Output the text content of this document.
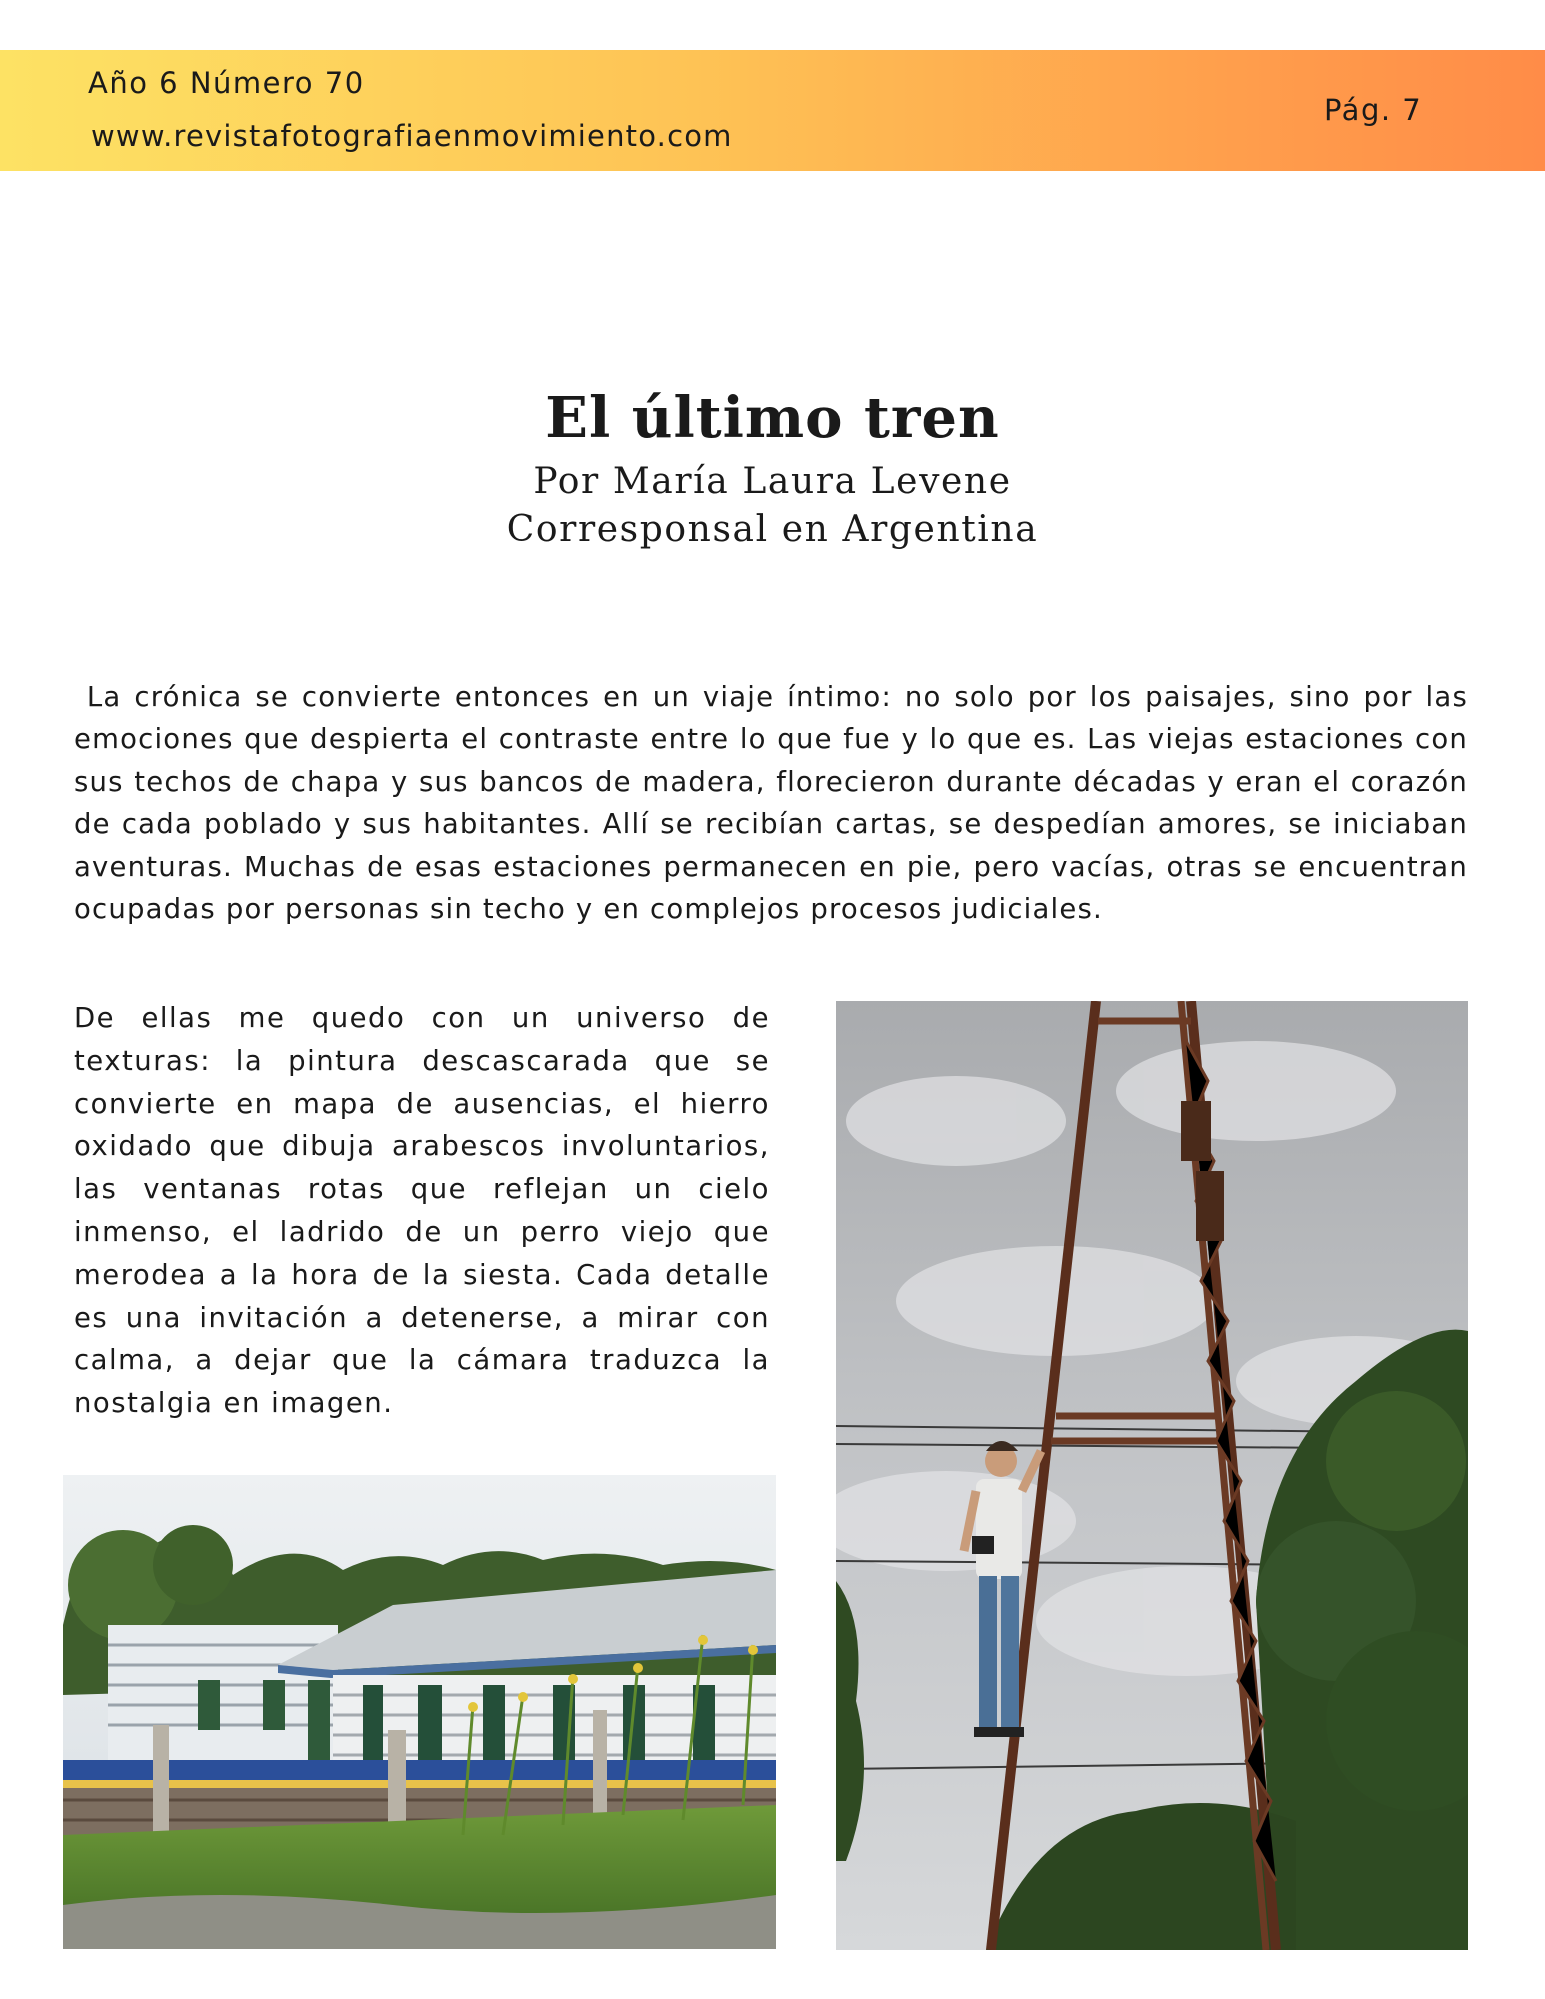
Año 6 Número 70
www.revistafotografiaenmovimiento.com
Pág. 7
El último tren
Por María Laura Levene
Corresponsal en Argentina

La crónica se convierte entonces en un viaje íntimo: no solo por los paisajes, sino por las emociones que despierta el contraste entre lo que fue y lo que es. Las viejas estaciones con sus techos de chapa y sus bancos de madera, florecieron durante décadas y eran el corazón de cada poblado y sus habitantes. Allí se recibían cartas, se despedían amores, se iniciaban aventuras. Muchas de esas estaciones permanecen en pie, pero vacías, otras se encuentran ocupadas por personas sin techo y en complejos procesos judiciales.

De ellas me quedo con un universo de texturas: la pintura descascarada que se convierte en mapa de ausencias, el hierro oxidado que dibuja arabescos involuntarios, las ventanas rotas que reflejan un cielo inmenso, el ladrido de un perro viejo que merodea a la hora de la siesta. Cada detalle es una invitación a detenerse, a mirar con calma, a dejar que la cámara traduzca la nostalgia en imagen.
